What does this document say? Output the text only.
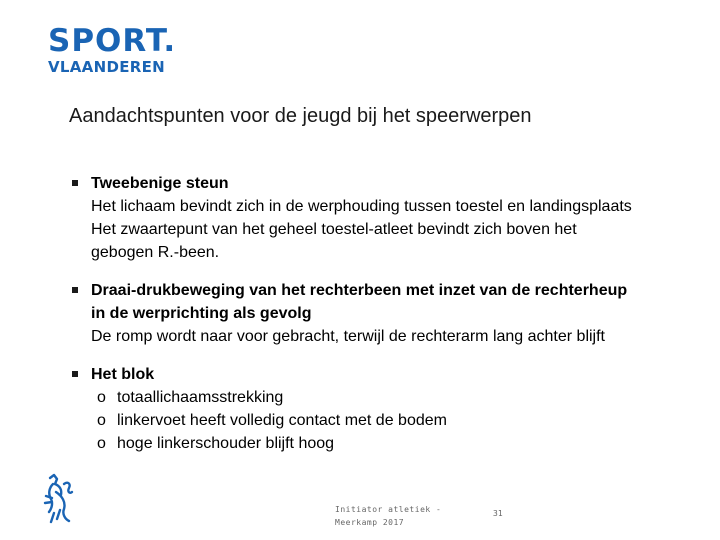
SPORT.
VLAANDEREN
Aandachtspunten voor de jeugd bij het speerwerpen
Tweebenige steun
Het lichaam bevindt zich in de werphouding tussen toestel en landingsplaats
Het zwaartepunt van het geheel toestel-atleet bevindt zich boven het
gebogen R.-been.
Draai-drukbeweging van het rechterbeen met inzet van de rechterheup
in de werprichting als gevolg
De romp wordt naar voor gebracht, terwijl de rechterarm lang achter blijft
Het blok
o totaallichaamsstrekking
o linkervoet heeft volledig contact met de bodem
o hoge linkerschouder blijft hoog
Initiator atletiek -
Meerkamp 2017
31
